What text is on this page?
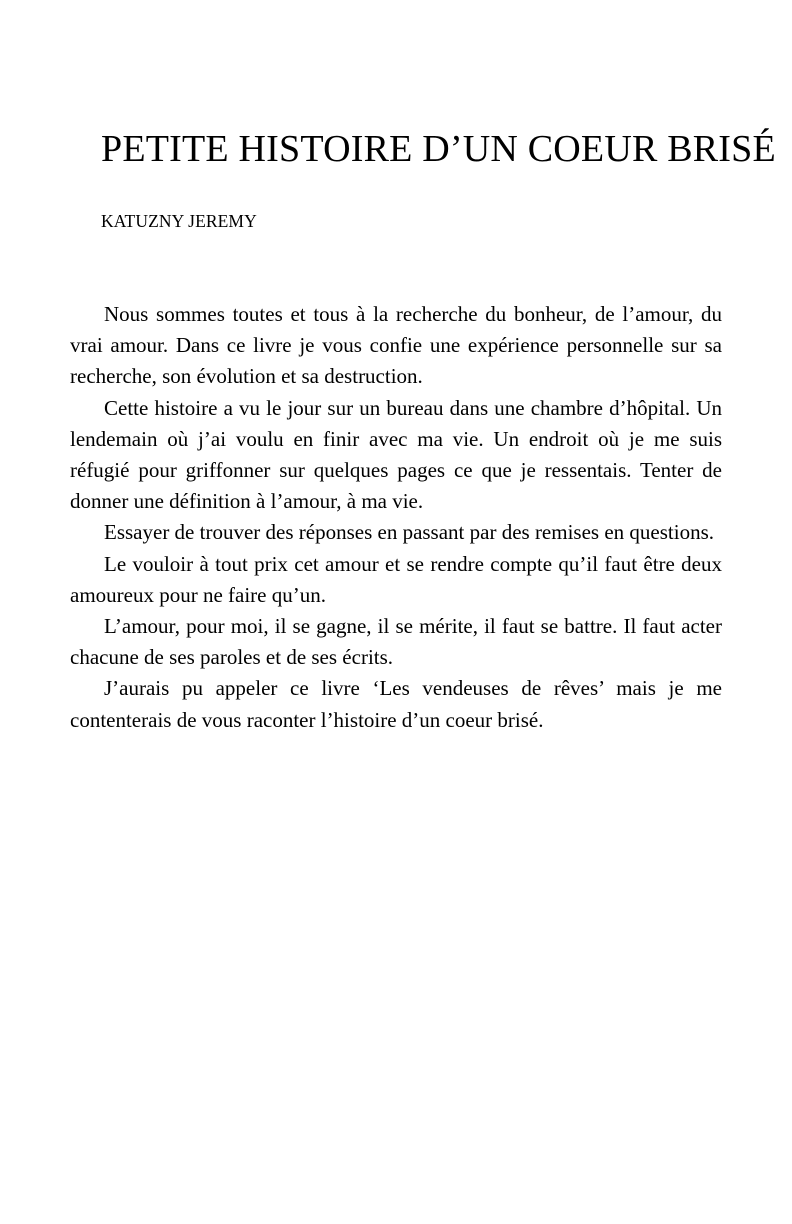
PETITE HISTOIRE D’UN COEUR BRISÉ

KATUZNY JEREMY

Nous sommes toutes et tous à la recherche du bonheur, de l’amour, du vrai amour. Dans ce livre je vous confie une expérience personnelle sur sa recherche, son évolution et sa destruction.

Cette histoire a vu le jour sur un bureau dans une chambre d’hôpital. Un lendemain où j’ai voulu en finir avec ma vie. Un endroit où je me suis réfugié pour griffonner sur quelques pages ce que je ressentais. Tenter de donner une définition à l’amour, à ma vie.

Essayer de trouver des réponses en passant par des remises en questions.

Le vouloir à tout prix cet amour et se rendre compte qu’il faut être deux amoureux pour ne faire qu’un.

L’amour, pour moi, il se gagne, il se mérite, il faut se battre. Il faut acter chacune de ses paroles et de ses écrits.

J’aurais pu appeler ce livre ‘Les vendeuses de rêves’ mais je me contenterais de vous raconter l’histoire d’un coeur brisé.
